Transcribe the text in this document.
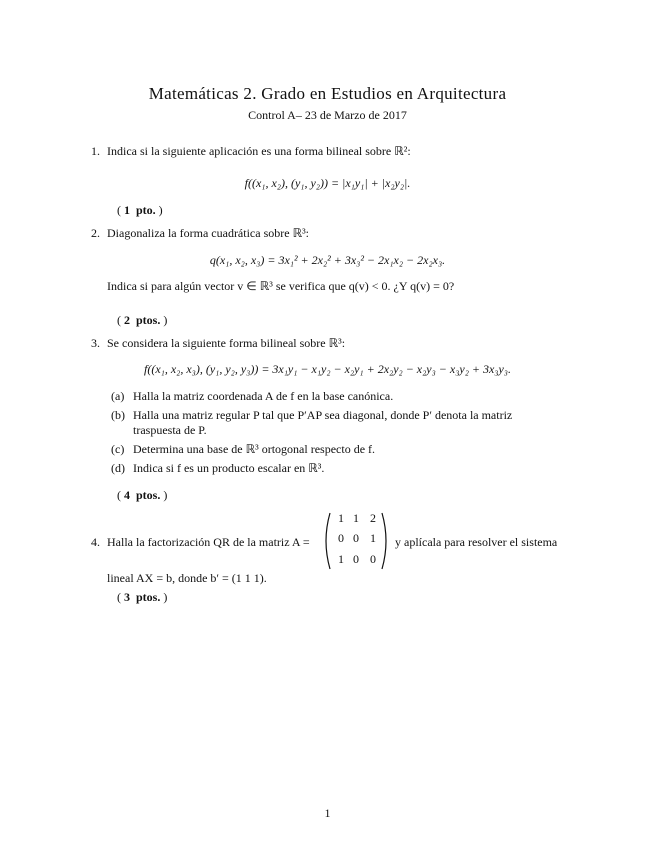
Matemáticas 2. Grado en Estudios en Arquitectura
Control A– 23 de Marzo de 2017
1. Indica si la siguiente aplicación es una forma bilineal sobre ℝ²:
f((x₁, x₂), (y₁, y₂)) = |x₁y₁| + |x₂y₂|.
( 1 pto. )
2. Diagonaliza la forma cuadrática sobre ℝ³:
q(x₁, x₂, x₃) = 3x₁² + 2x₂² + 3x₃² − 2x₁x₂ − 2x₂x₃.
Indica si para algún vector v ∈ ℝ³ se verifica que q(v) < 0. ¿Y q(v) = 0?
( 2 ptos. )
3. Se considera la siguiente forma bilineal sobre ℝ³:
f((x₁, x₂, x₃), (y₁, y₂, y₃)) = 3x₁y₁ − x₁y₂ − x₂y₁ + 2x₂y₂ − x₂y₃ − x₃y₂ + 3x₃y₃.
(a) Halla la matriz coordenada A de f en la base canónica.
(b) Halla una matriz regular P tal que P′AP sea diagonal, donde P′ denota la matriz
traspuesta de P.
(c) Determina una base de ℝ³ ortogonal respecto de f.
(d) Indica si f es un producto escalar en ℝ³.
( 4 ptos. )
4. Halla la factorización QR de la matriz A =
1 1 2
0 0 1
1 0 0
y aplícala para resolver el sistema
lineal AX = b, donde b′ = (1 1 1).
( 3 ptos. )
1
